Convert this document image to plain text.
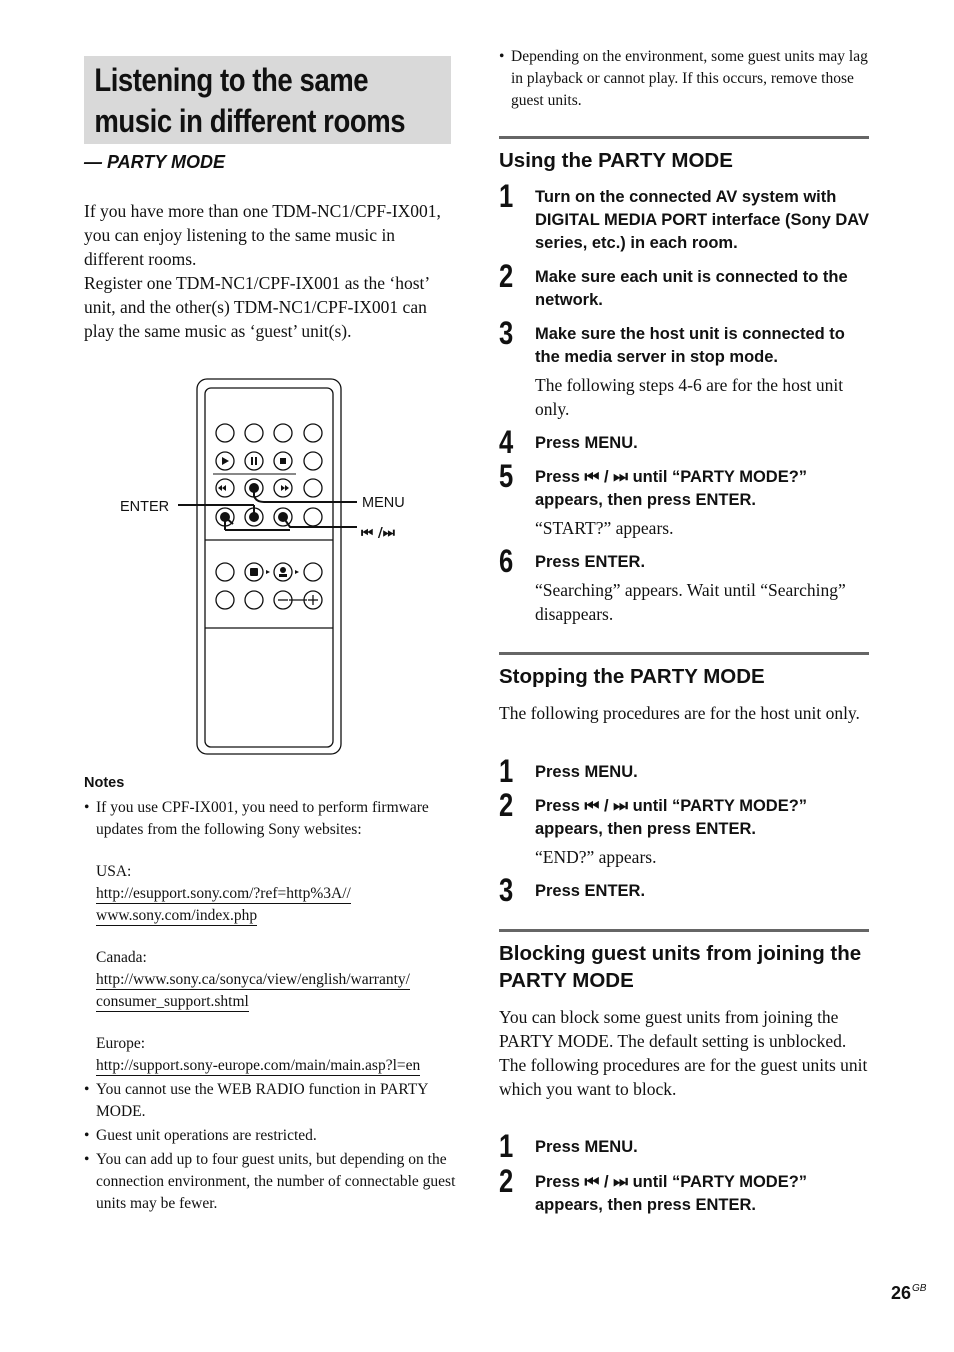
Listening to the same
music in different rooms
— PARTY MODE

If you have more than one TDM-NC1/CPF-IX001, you can enjoy listening to the same music in different rooms.

Register one TDM-NC1/CPF-IX001 as the ‘host’ unit, and the other(s) TDM-NC1/CPF-IX001 can play the same music as ‘guest’ unit(s).

ENTER	MENU
⏮ /⏭
Notes
• If you use CPF-IX001, you need to perform firmware updates from the following Sony websites:
USA:
http://esupport.sony.com/?ref=http%3A//
www.sony.com/index.php
Canada:
http://www.sony.ca/sonyca/view/english/warranty/
consumer_support.shtml
Europe:
http://support.sony-europe.com/main/main.asp?l=en
• You cannot use the WEB RADIO function in PARTY MODE.
• Guest unit operations are restricted.
• You can add up to four guest units, but depending on the connection environment, the number of connectable guest units may be fewer.
• Depending on the environment, some guest units may lag in playback or cannot play. If this occurs, remove those guest units.
Using the PARTY MODE
1 Turn on the connected AV system with DIGITAL MEDIA PORT interface (Sony DAV series, etc.) in each room.
2 Make sure each unit is connected to the network.
3 Make sure the host unit is connected to the media server in stop mode.
The following steps 4-6 are for the host unit only.
4 Press MENU.
5 Press ⏮ / ⏭ until “PARTY MODE?” appears, then press ENTER.
“START?” appears.
6 Press ENTER.
“Searching” appears. Wait until “Searching” disappears.
Stopping the PARTY MODE

The following procedures are for the host unit only.

1 Press MENU.
2 Press ⏮ / ⏭ until “PARTY MODE?” appears, then press ENTER.
“END?” appears.
3 Press ENTER.
Blocking guest units from joining the PARTY MODE

You can block some guest units from joining the PARTY MODE. The default setting is unblocked.

The following procedures are for the guest units unit which you want to block.

1 Press MENU.
2 Press ⏮ / ⏭ until “PARTY MODE?” appears, then press ENTER.
$26^{GB}$
